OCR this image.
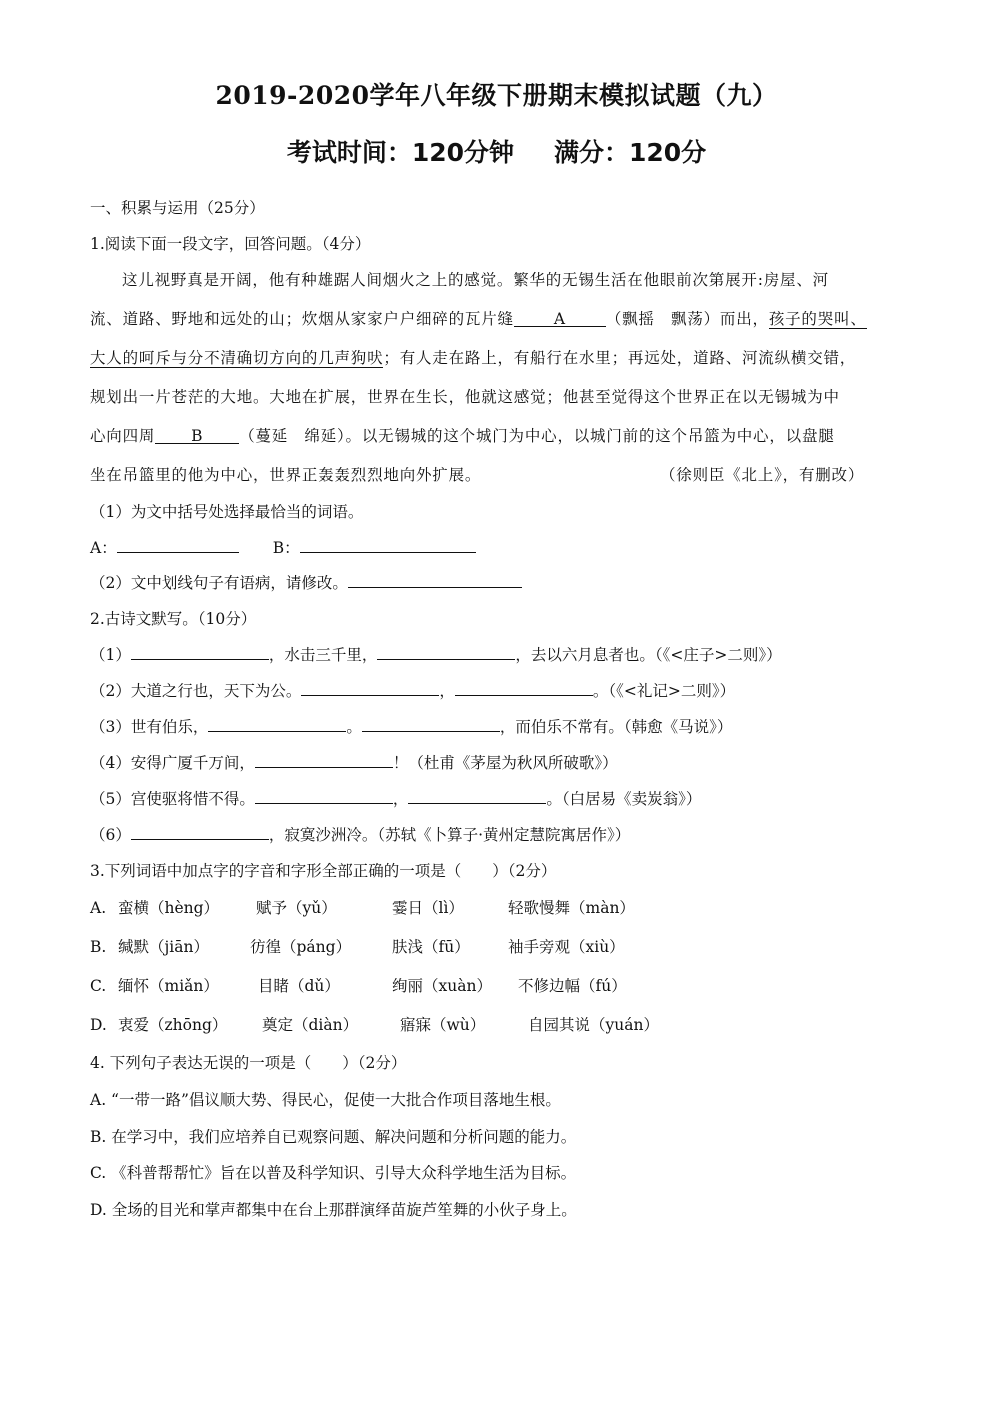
2019-2020学年八年级下册期末模拟试题（九）
考试时间：120分钟 满分：120分
一、积累与运用（25分）
1.阅读下面一段文字，回答问题。（4分）
这儿视野真是开阔，他有种雄踞人间烟火之上的感觉。繁华的无锡生活在他眼前次第展开:房屋、河
流、道路、野地和远处的山；炊烟从家家户户细碎的瓦片缝	A	（飘摇　飘荡）而出，孩子的哭叫、
大人的呵斥与分不清确切方向的几声狗吠；有人走在路上，有船行在水里；再远处，道路、河流纵横交错，
规划出一片苍茫的大地。大地在扩展，世界在生长，他就这感觉；他甚至觉得这个世界正在以无锡城为中
心向四周 B （蔓延　绵延）。以无锡城的这个城门为中心，以城门前的这个吊篮为中心，以盘腿
坐在吊篮里的他为中心，世界正轰轰烈烈地向外扩展。	（徐则臣《北上》，有删改）
（1）为文中括号处选择最恰当的词语。
A：	B：
（2）文中划线句子有语病，请修改。
2.古诗文默写。（10分）
（1）	，水击三千里，	，去以六月息者也。（《<庄子>二则》）
（2）大道之行也，天下为公。	，	。（《<礼记>二则》）
（3）世有伯乐，	。	，而伯乐不常有。（韩愈《马说》）
（4）安得广厦千万间，	！（杜甫《茅屋为秋风所破歌》）
（5）宫使驱将惜不得。	，	。（白居易《卖炭翁》）
（6）	，寂寞沙洲冷。（苏轼《卜算子·黄州定慧院寓居作》）
3.下列词语中加点字的字音和字形全部正确的一项是（　　）（2分）
A. 蛮横（hèng） 赋予（yǔ）	霎日（lì）	轻歌慢舞（màn）
B. 缄默（jiān）	彷徨（páng）	肤浅（fū） 袖手旁观（xiù）
C. 缅怀（miǎn）	目睹（dǔ）	绚丽（xuàn） 不修边幅（fú）
D. 衷爱（zhōng） 奠定（diàn）	寤寐（wù）	自园其说（yuán）
4. 下列句子表达无误的一项是（　　）（2分）
A. “一带一路”倡议顺大势、得民心，促使一大批合作项目落地生根。
B. 在学习中，我们应培养自已观察问题、解决问题和分析问题的能力。
C. 《科普帮帮忙》旨在以普及科学知识、引导大众科学地生活为目标。
D. 全场的目光和掌声都集中在台上那群演绎苗旋芦笙舞的小伙子身上。
